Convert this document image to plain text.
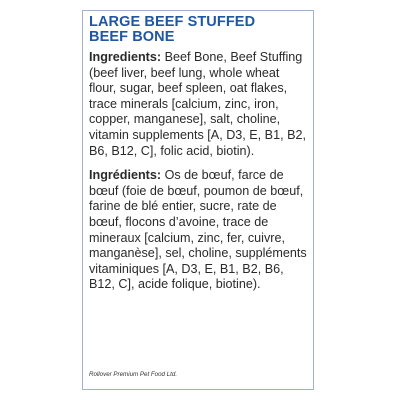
LARGE BEEF STUFFED BEEF BONE
Ingredients: Beef Bone, Beef Stuffing (beef liver, beef lung, whole wheat flour, sugar, beef spleen, oat flakes, trace minerals [calcium, zinc, iron, copper, manganese], salt, choline, vitamin supplements [A, D3, E, B1, B2, B6, B12, C], folic acid, biotin).
Ingrédients: Os de bœuf, farce de bœuf (foie de bœuf, poumon de bœuf, farine de blé entier, sucre, rate de bœuf, flocons d’avoine, trace de mineraux [calcium, zinc, fer, cuivre, manganèse], sel, choline, suppléments vitaminiques [A, D3, E, B1, B2, B6, B12, C], acide folique, biotine).
Rollover Premium Pet Food Ltd.
